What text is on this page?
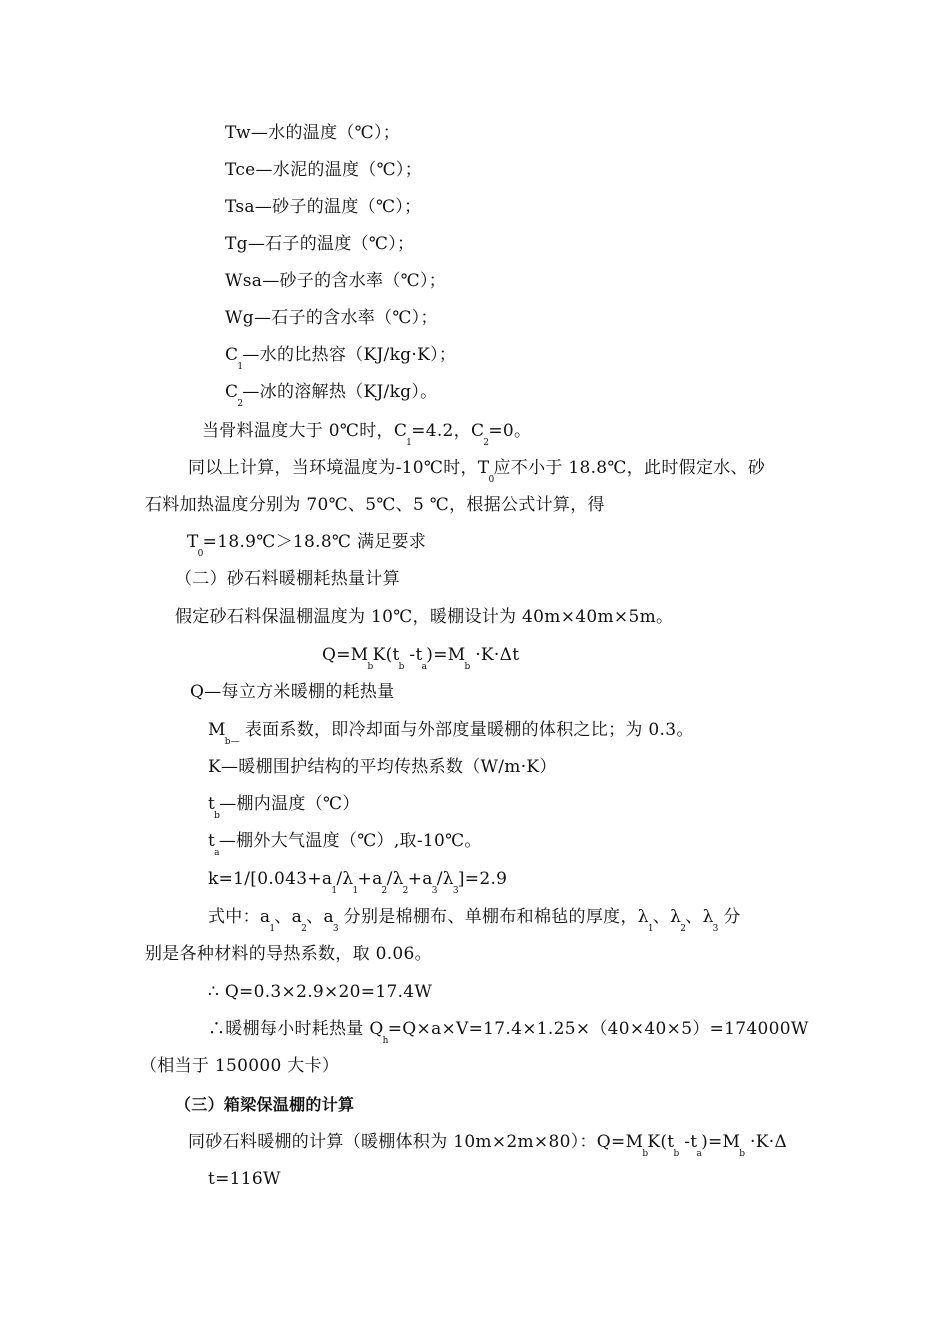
Tw—水的温度（℃）；
Tce—水泥的温度（℃）；
Tsa—砂子的温度（℃）；
Tg—石子的温度（℃）；
Wsa—砂子的含水率（℃）；
Wg—石子的含水率（℃）；
$C_1—$水的比热容（KJ/kg·K）；
$C_2—$冰的溶解热（KJ/kg）。
当骨料温度大于 0℃时，$C_1=4.2$，$C_2=0$。
同以上计算，当环境温度为-10℃时，$T_0$应不小于 18.8℃，此时假定水、砂
石料加热温度分别为 70℃、5℃、5 ℃，根据公式计算，得
$T_0=18.9℃>18.8℃$ 满足要求
（二）砂石料暖棚耗热量计算
假定砂石料保温棚温度为 10℃，暖棚设计为 40m×40m×5m。
$Q=M_bK(t_b$ $-t_a)=M_b \cdot K\cdot\Delta t$
Q—每立方米暖棚的耗热量
$M_{b—}$ 表面系数，即冷却面与外部度量暖棚的体积之比；为 0.3。
K—暖棚围护结构的平均传热系数（W/m·K）
$t_b—$棚内温度（℃）
$t_a—$棚外大气温度（℃）,取-10℃。
$k=1/[0.043+a_1/\lambda_1+a_2/\lambda_2+a_3/\lambda_3]=2.9$
式中：$a_1$、$a_2$、$a_3$ 分别是棉棚布、单棚布和棉毡的厚度，$\lambda_1$、$\lambda_2$、$\lambda_3$ 分
别是各种材料的导热系数，取 0.06。
∴ Q=0.3×2.9×20=17.4W
∴暖棚每小时耗热量 $Q_h=Q\times a\times V=17.4\times 1.25\times(40\times 40\times 5)=174000W$
（相当于 150000 大卡）
（三）箱梁保温棚的计算
同砂石料暖棚的计算（暖棚体积为 10m×2m×80）：$Q=M_bK(t_b$ $-t_a)=M_b \cdot K\cdot\Delta$
t=116W
